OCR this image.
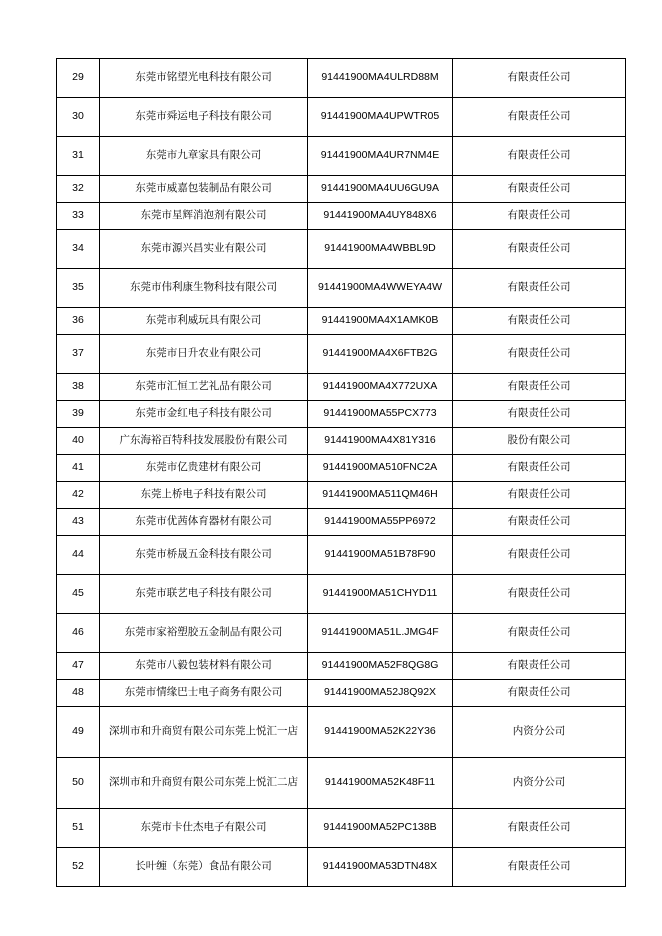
29	东莞市铭望光电科技有限公司	91441900MA4ULRD88M	有限责任公司
30	东莞市舜运电子科技有限公司	91441900MA4UPWTR05	有限责任公司
31	东莞市九章家具有限公司	91441900MA4UR7NM4E	有限责任公司
32	东莞市威嘉包装制品有限公司	91441900MA4UU6GU9A	有限责任公司
33	东莞市星辉消泡剂有限公司	91441900MA4UY848X6	有限责任公司
34	东莞市源兴昌实业有限公司	91441900MA4WBBL9D	有限责任公司
35	东莞市伟利康生物科技有限公司	91441900MA4WWEYA4W	有限责任公司
36	东莞市利威玩具有限公司	91441900MA4X1AMK0B	有限责任公司
37	东莞市日升农业有限公司	91441900MA4X6FTB2G	有限责任公司
38	东莞市汇恒工艺礼品有限公司	91441900MA4X772UXA	有限责任公司
39	东莞市金红电子科技有限公司	91441900MA55PCX773	有限责任公司
40	广东海裕百特科技发展股份有限公司	91441900MA4X81Y316	股份有限公司
41	东莞市亿贵建材有限公司	91441900MA510FNC2A	有限责任公司
42	东莞上桥电子科技有限公司	91441900MA511QM46H	有限责任公司
43	东莞市优茜体育器材有限公司	91441900MA55PP6972	有限责任公司
44	东莞市桥晟五金科技有限公司	91441900MA51B78F90	有限责任公司
45	东莞市联艺电子科技有限公司	91441900MA51CHYD11	有限责任公司
46	东莞市家裕塑胶五金制品有限公司	91441900MA51L.JMG4F	有限责任公司
47	东莞市八毅包装材料有限公司	91441900MA52F8QG8G	有限责任公司
48	东莞市情缘巴士电子商务有限公司	91441900MA52J8Q92X	有限责任公司
49	深圳市和升商贸有限公司东莞上悦汇一店	91441900MA52K22Y36	内资分公司
50	深圳市和升商贸有限公司东莞上悦汇二店	91441900MA52K48F11	内资分公司
51	东莞市卡仕杰电子有限公司	91441900MA52PC138B	有限责任公司
52	长叶缠（东莞）食品有限公司	91441900MA53DTN48X	有限责任公司
